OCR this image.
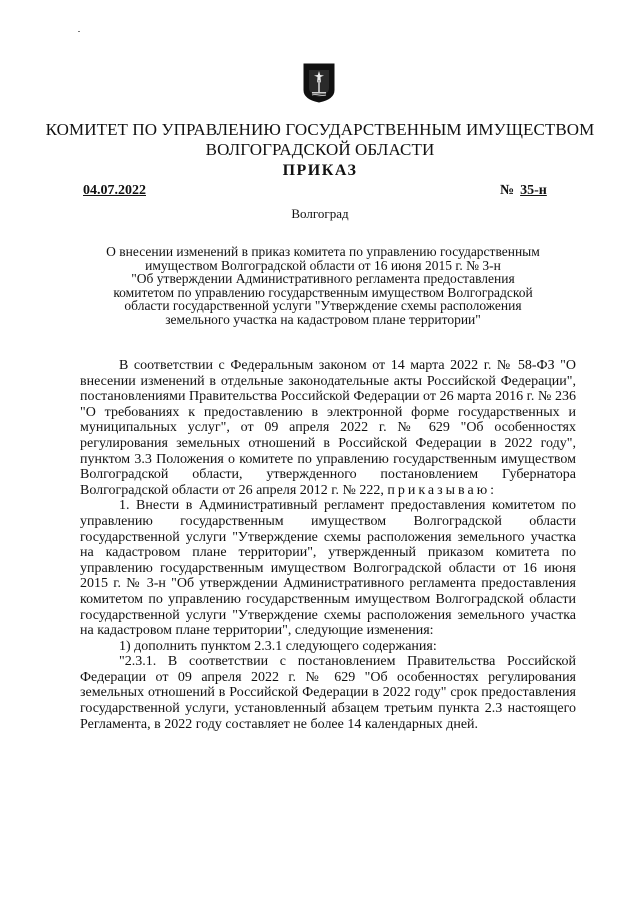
КОМИТЕТ ПО УПРАВЛЕНИЮ ГОСУДАРСТВЕННЫМ ИМУЩЕСТВОМ
ВОЛГОГРАДСКОЙ ОБЛАСТИ
ПРИКАЗ
04.07.2022	№ 35-н
Волгоград
О внесении изменений в приказ комитета по управлению государственным
имуществом Волгоградской области от 16 июня 2015 г. № 3-н
"Об утверждении Административного регламента предоставления
комитетом по управлению государственным имуществом Волгоградской
области государственной услуги "Утверждение схемы расположения
земельного участка на кадастровом плане территории"

В соответствии с Федеральным законом от 14 марта 2022 г. № 58-ФЗ "О внесении изменений в отдельные законодательные акты Российской Федерации", постановлениями Правительства Российской Федерации от 26 марта 2016 г. № 236 "О требованиях к предоставлению в электронной форме государственных и муниципальных услуг", от 09 апреля 2022 г. № 629 "Об особенностях регулирования земельных отношений в Российской Федерации в 2022 году", пунктом 3.3 Положения о комитете по управлению государственным имуществом Волгоградской области, утвержденного постановлением Губернатора Волгоградской области от 26 апреля 2012 г. № 222, приказываю:

1. Внести в Административный регламент предоставления комитетом по управлению государственным имуществом Волгоградской области государственной услуги "Утверждение схемы расположения земельного участка на кадастровом плане территории", утвержденный приказом комитета по управлению государственным имуществом Волгоградской области от 16 июня 2015 г. № 3-н "Об утверждении Административного регламента предоставления комитетом по управлению государственным имуществом Волгоградской области государственной услуги "Утверждение схемы расположения земельного участка на кадастровом плане территории", следующие изменения:

1) дополнить пунктом 2.3.1 следующего содержания:

"2.3.1. В соответствии с постановлением Правительства Российской Федерации от 09 апреля 2022 г. № 629 "Об особенностях регулирования земельных отношений в Российской Федерации в 2022 году" срок предоставления государственной услуги, установленный абзацем третьим пункта 2.3 настоящего Регламента, в 2022 году составляет не более 14 календарных дней.
